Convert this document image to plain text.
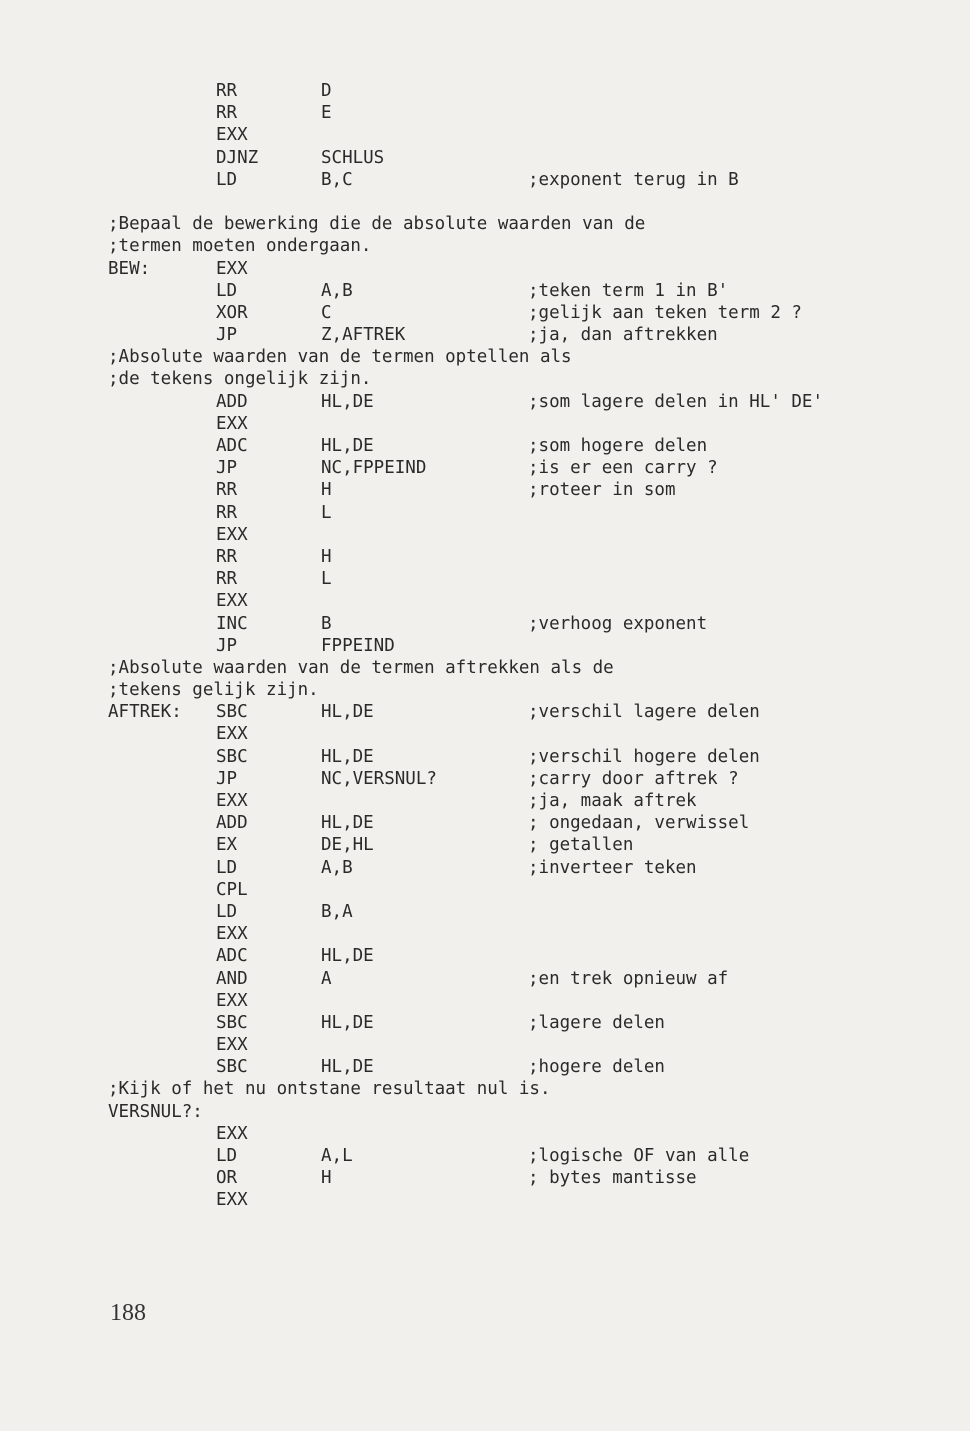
RR	D
RR	E
EXX
DJNZ	SCHLUS
LD	B,C	;exponent terug in B
;Bepaal de bewerking die de absolute waarden van de
;termen moeten ondergaan.
BEW:	EXX
LD	A,B	;teken term 1 in B'
XOR	C	;gelijk aan teken term 2 ?
JP	Z,AFTREK	;ja, dan aftrekken
;Absolute waarden van de termen optellen als
;de tekens ongelijk zijn.
ADD	HL,DE	;som lagere delen in HL' DE'
EXX
ADC	HL,DE	;som hogere delen
JP	NC,FPPEIND	;is er een carry ?
RR	H	;roteer in som
RR	L
EXX
RR	H
RR	L
EXX
INC	B	;verhoog exponent
JP	FPPEIND
;Absolute waarden van de termen aftrekken als de
;tekens gelijk zijn.
AFTREK: SBC	HL,DE	;verschil lagere delen
EXX
SBC	HL,DE	;verschil hogere delen
JP	NC,VERSNUL?	;carry door aftrek ?
EXX	;ja, maak aftrek
ADD	HL,DE	; ongedaan, verwissel
EX	DE,HL	; getallen
LD	A,B	;inverteer teken
CPL
LD	B,A
EXX
ADC	HL,DE
AND	A	;en trek opnieuw af
EXX
SBC	HL,DE	;lagere delen
EXX
SBC	HL,DE	;hogere delen
;Kijk of het nu ontstane resultaat nul is.
VERSNUL?:
EXX
LD	A,L	;logische OF van alle
OR	H	; bytes mantisse
EXX
188
